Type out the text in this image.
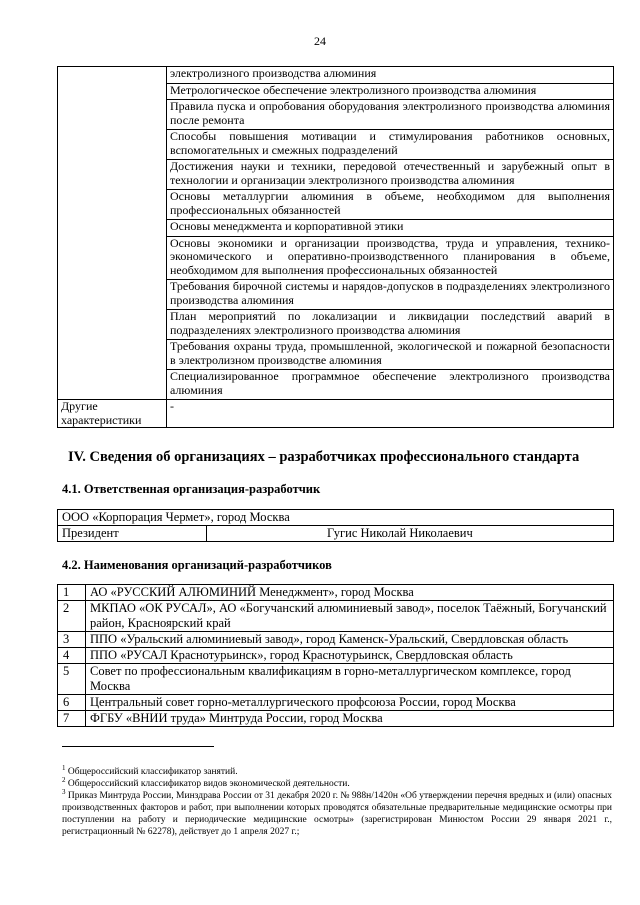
24
	электролизного производства алюминия
	Метрологическое обеспечение электролизного производства алюминия
	Правила пуска и опробования оборудования электролизного производства алюминия после ремонта
	Способы повышения мотивации и стимулирования работников основных, вспомогательных и смежных подразделений
	Достижения науки и техники, передовой отечественный и зарубежный опыт в технологии и организации электролизного производства алюминия
	Основы металлургии алюминия в объеме, необходимом для выполнения профессиональных обязанностей
	Основы менеджмента и корпоративной этики
	Основы экономики и организации производства, труда и управления, технико-экономического и оперативно-производственного планирования в объеме, необходимом для выполнения профессиональных обязанностей
	Требования бирочной системы и нарядов-допусков в подразделениях электролизного производства алюминия
	План мероприятий по локализации и ликвидации последствий аварий в подразделениях электролизного производства алюминия
	Требования охраны труда, промышленной, экологической и пожарной безопасности в электролизном производстве алюминия
	Специализированное программное обеспечение электролизного производства алюминия
Другие характеристики	-
IV. Сведения об организациях – разработчиках профессионального стандарта
4.1. Ответственная организация-разработчик
ООО «Корпорация Чермет», город Москва
Президент	Гугис Николай Николаевич
4.2. Наименования организаций-разработчиков
1	АО «РУССКИЙ АЛЮМИНИЙ Менеджмент», город Москва
2	МКПАО «ОК РУСАЛ», АО «Богучанский алюминиевый завод», поселок Таёжный, Богучанский район, Красноярский край
3	ППО «Уральский алюминиевый завод», город Каменск-Уральский, Свердловская область
4	ППО «РУСАЛ Краснотурьинск», город Краснотурьинск, Свердловская область
5	Совет по профессиональным квалификациям в горно-металлургическом комплексе, город Москва
6	Центральный совет горно-металлургического профсоюза России, город Москва
7	ФГБУ «ВНИИ труда» Минтруда России, город Москва

$^1$ Общероссийский классификатор занятий.

$^2$ Общероссийский классификатор видов экономической деятельности.

$^3$ Приказ Минтруда России, Минздрава России от 31 декабря 2020 г. № 988н/1420н «Об утверждении перечня вредных и (или) опасных производственных факторов и работ, при выполнении которых проводятся обязательные предварительные медицинские осмотры при поступлении на работу и периодические медицинские осмотры» (зарегистрирован Минюстом России 29 января 2021 г., регистрационный № 62278), действует до 1 апреля 2027 г.;
